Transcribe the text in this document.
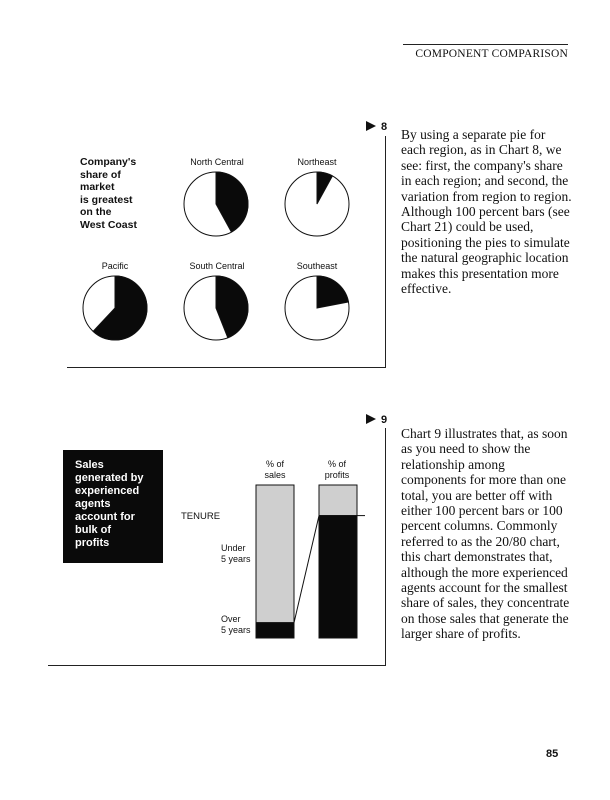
COMPONENT COMPARISON
8
Company's
share of
market
is greatest
on the
West Coast
North Central	Northeast
Pacific	South Central	Southeast
By using a separate pie for each region, as in Chart 8, we see: first, the company's share in each region; and second, the variation from region to region. Although 100 percent bars (see Chart 21) could be used, positioning the pies to simulate the natural geographic location makes this presentation more effective.
9
Sales
generated by
experienced
agents
account for
bulk of
profits
% of
sales
% of
profits
TENURE
Under
5 years
Over
5 years
Chart 9 illustrates that, as soon as you need to show the relationship among components for more than one total, you are better off with either 100 percent bars or 100 percent columns. Commonly referred to as the 20/80 chart, this chart demonstrates that, although the more experienced agents account for the smallest share of sales, they concentrate on those sales that generate the larger share of profits.
85
